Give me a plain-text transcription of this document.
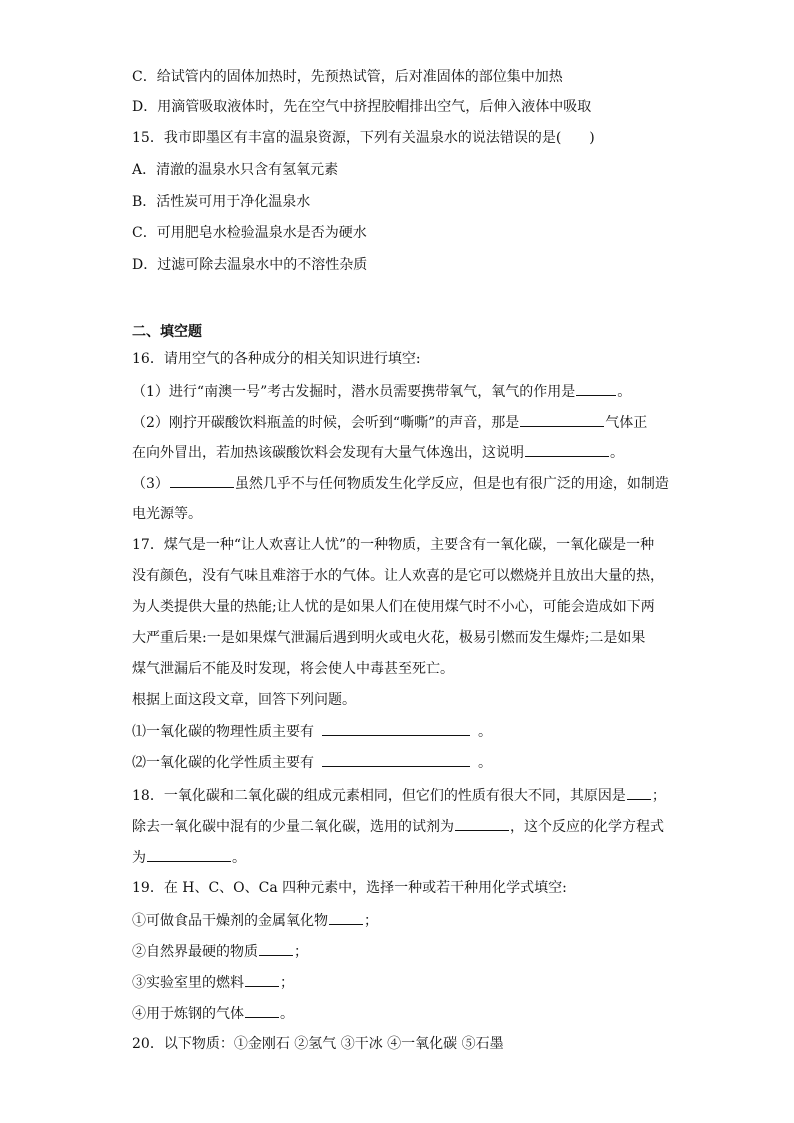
C．给试管内的固体加热时，先预热试管，后对准固体的部位集中加热
D．用滴管吸取液体时，先在空气中挤捏胶帽排出空气，后伸入液体中吸取
15．我市即墨区有丰富的温泉资源，下列有关温泉水的说法错误的是(　　)
A．清澈的温泉水只含有氢氧元素
B．活性炭可用于净化温泉水
C．可用肥皂水检验温泉水是否为硬水
D．过滤可除去温泉水中的不溶性杂质
二、填空题
16．请用空气的各种成分的相关知识进行填空:
（1）进行“南澳一号”考古发掘时，潜水员需要携带氧气，氧气的作用是	。
（2）刚拧开碳酸饮料瓶盖的时候，会听到“嘶嘶”的声音，那是	气体正
在向外冒出，若加热该碳酸饮料会发现有大量气体逸出，这说明	。
（3）	虽然几乎不与任何物质发生化学反应，但是也有很广泛的用途，如制造
电光源等。
17．煤气是一种“让人欢喜让人忧”的一种物质，主要含有一氧化碳，一氧化碳是一种
没有颜色，没有气味且难溶于水的气体。让人欢喜的是它可以燃烧并且放出大量的热，
为人类提供大量的热能;让人忧的是如果人们在使用煤气时不小心，可能会造成如下两
大严重后果:一是如果煤气泄漏后遇到明火或电火花，极易引燃而发生爆炸;二是如果
煤气泄漏后不能及时发现，将会使人中毒甚至死亡。
根据上面这段文章，回答下列问题。
⑴一氧化碳的物理性质主要有	。
⑵一氧化碳的化学性质主要有	。
18．一氧化碳和二氧化碳的组成元素相同，但它们的性质有很大不同，其原因是 ；
除去一氧化碳中混有的少量二氧化碳，选用的试剂为	，这个反应的化学方程式
为	。
19．在 H、C、O、Ca 四种元素中，选择一种或若干种用化学式填空:
①可做食品干燥剂的金属氧化物	；
②自然界最硬的物质	；
③实验室里的燃料	；
④用于炼钢的气体	。
20．以下物质：①金刚石 ②氢气 ③干冰 ④一氧化碳 ⑤石墨
